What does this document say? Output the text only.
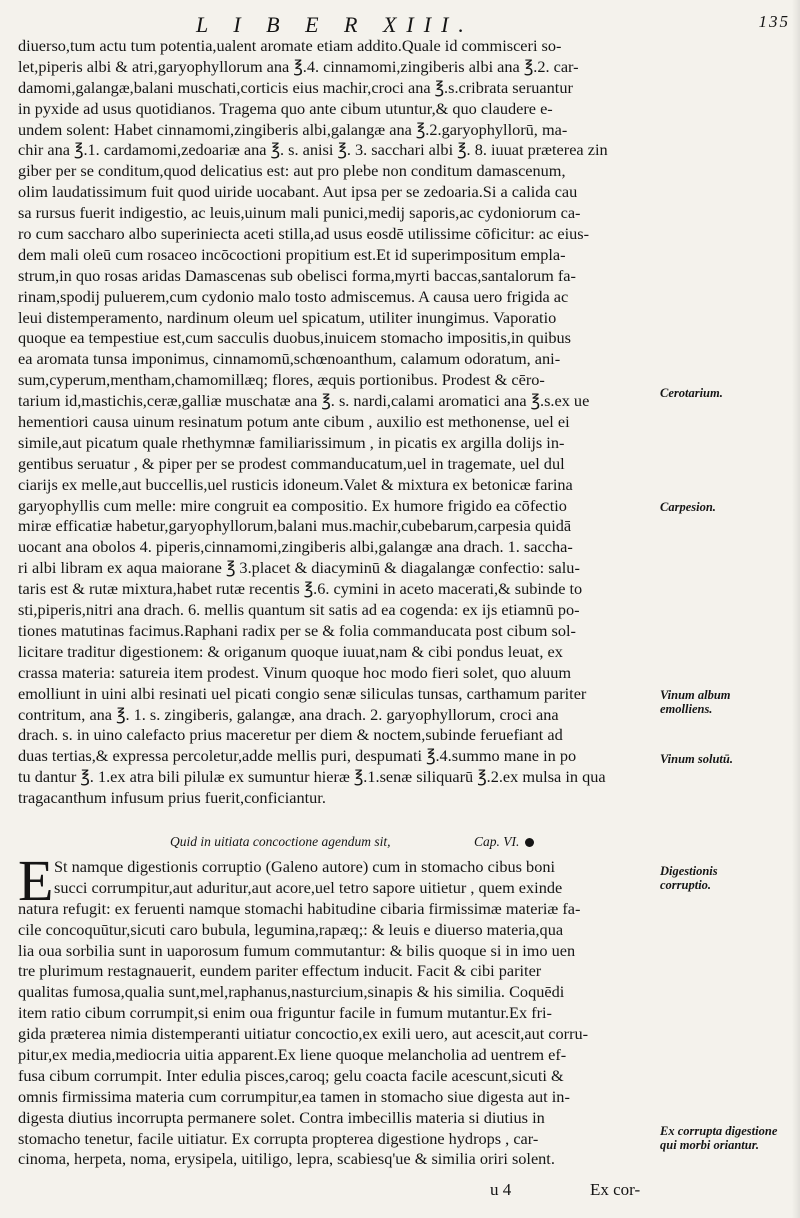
L I B E R XIII.	135
diuerso,tum actu tum potentia,ualent aromate etiam addito.Quale id commisceri so-
let,piperis albi & atri,garyophyllorum ana ℥.4. cinnamomi,zingiberis albi ana ℥.2. car-
damomi,galangæ,balani muschati,corticis eius machir,croci ana ℥.s.cribrata seruantur
in pyxide ad usus quotidianos. Tragema quo ante cibum utuntur,& quo claudere e-
undem solent: Habet cinnamomi,zingiberis albi,galangæ ana ℥.2.garyophyllorū, ma-
chir ana ℥.1. cardamomi,zedoariæ ana ℥. s. anisi ℥. 3. sacchari albi ℥. 8. iuuat præterea zin
giber per se conditum,quod delicatius est: aut pro plebe non conditum damascenum,
olim laudatissimum fuit quod uiride uocabant. Aut ipsa per se zedoaria.Si a calida cau
sa rursus fuerit indigestio, ac leuis,uinum mali punici,medij saporis,ac cydoniorum ca-
ro cum saccharo albo superiniecta aceti stilla,ad usus eosdē utilissime cōficitur: ac eius-
dem mali oleū cum rosaceo incōcoctioni propitium est.Et id superimpositum empla-
strum,in quo rosas aridas Damascenas sub obelisci forma,myrti baccas,santalorum fa-
rinam,spodij puluerem,cum cydonio malo tosto admiscemus. A causa uero frigida ac
leui distemperamento, nardinum oleum uel spicatum, utiliter inungimus. Vaporatio
quoque ea tempestiue est,cum sacculis duobus,inuicem stomacho impositis,in quibus
ea aromata tunsa imponimus, cinnamomū,schœnoanthum, calamum odoratum, ani-
sum,cyperum,mentham,chamomillæq; flores, æquis portionibus. Prodest & cēro-
tarium id,mastichis,ceræ,galliæ muschatæ ana ℥. s. nardi,calami aromatici ana ℥.s.ex ue
hementiori causa uinum resinatum potum ante cibum , auxilio est methonense, uel ei
simile,aut picatum quale rhethymnæ familiarissimum , in picatis ex argilla dolijs in-
gentibus seruatur , & piper per se prodest commanducatum,uel in tragemate, uel dul
ciarijs ex melle,aut buccellis,uel rusticis idoneum.Valet & mixtura ex betonicæ farina
garyophyllis cum melle: mire congruit ea compositio. Ex humore frigido ea cōfectio
miræ efficatiæ habetur,garyophyllorum,balani mus.machir,cubebarum,carpesia quidā
uocant ana obolos 4. piperis,cinnamomi,zingiberis albi,galangæ ana drach. 1. saccha-
ri albi libram ex aqua maiorane ℥ 3.placet & diacyminū & diagalangæ confectio: salu-
taris est & rutæ mixtura,habet rutæ recentis ℥.6. cymini in aceto macerati,& subinde to
sti,piperis,nitri ana drach. 6. mellis quantum sit satis ad ea cogenda: ex ijs etiamnū po-
tiones matutinas facimus.Raphani radix per se & folia commanducata post cibum sol-
licitare traditur digestionem: & origanum quoque iuuat,nam & cibi pondus leuat, ex
crassa materia: satureia item prodest. Vinum quoque hoc modo fieri solet, quo aluum
emolliunt in uini albi resinati uel picati congio senæ siliculas tunsas, carthamum pariter
contritum, ana ℥. 1. s. zingiberis, galangæ, ana drach. 2. garyophyllorum, croci ana
drach. s. in uino calefacto prius maceretur per diem & noctem,subinde feruefiant ad
duas tertias,& expressa percoletur,adde mellis puri, despumati ℥.4.summo mane in po
tu dantur ℥. 1.ex atra bili pilulæ ex sumuntur hieræ ℥.1.senæ siliquarū ℥.2.ex mulsa in qua
tragacanthum infusum prius fuerit,conficiantur.
Quid in uitiata concoctione agendum sit,	Cap. VI.
E St namque digestionis corruptio (Galeno autore) cum in stomacho cibus boni
succi corrumpitur,aut aduritur,aut acore,uel tetro sapore uitietur , quem exinde
natura refugit: ex feruenti namque stomachi habitudine cibaria firmissimæ materiæ fa-
cile concoquūtur,sicuti caro bubula, legumina,rapæq;: & leuis e diuerso materia,qua
lia oua sorbilia sunt in uaporosum fumum commutantur: & bilis quoque si in imo uen
tre plurimum restagnauerit, eundem pariter effectum inducit. Facit & cibi pariter
qualitas fumosa,qualia sunt,mel,raphanus,nasturcium,sinapis & his similia. Coquēdi
item ratio cibum corrumpit,si enim oua friguntur facile in fumum mutantur.Ex fri-
gida præterea nimia distemperanti uitiatur concoctio,ex exili uero, aut acescit,aut corru-
pitur,ex media,mediocria uitia apparent.Ex liene quoque melancholia ad uentrem ef-
fusa cibum corrumpit. Inter edulia pisces,caroq; gelu coacta facile acescunt,sicuti &
omnis firmissima materia cum corrumpitur,ea tamen in stomacho siue digesta aut in-
digesta diutius incorrupta permanere solet. Contra imbecillis materia si diutius in
stomacho tenetur, facile uitiatur. Ex corrupta propterea digestione hydrops , car-
cinoma, herpeta, noma, erysipela, uitiligo, lepra, scabiesq'ue & similia oriri solent.
Cerotarium.
Carpesion.
Vinum album emolliens.
Vinum solutū.
Digestionis corruptio.
Ex corrupta digestione qui morbi oriantur.
u 4	Ex cor-
